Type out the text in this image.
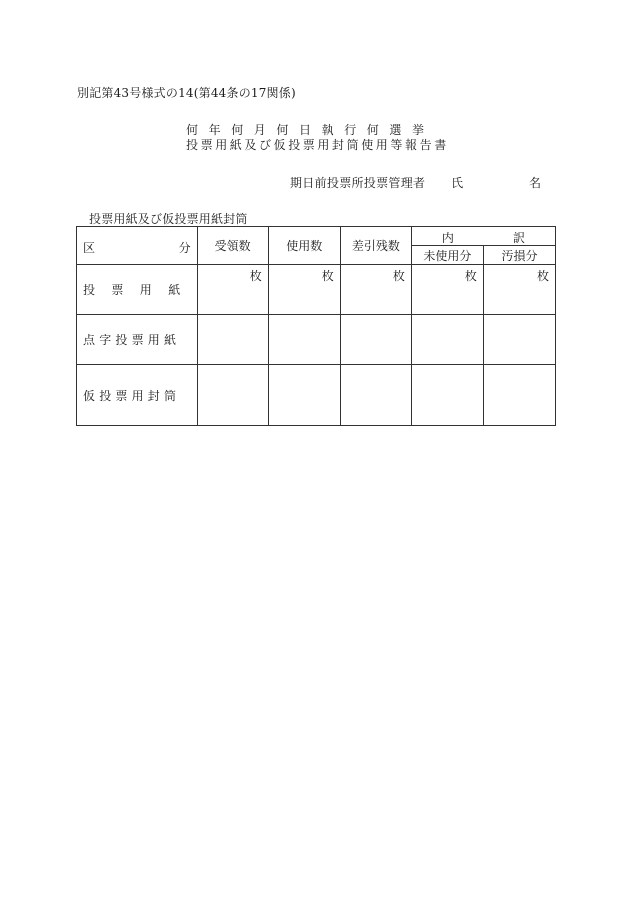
別記第43号様式の14(第44条の17関係)
何年何月何日執行何選挙
投票用紙及び仮投票用封筒使用等報告書
期日前投票所投票管理者 氏	名
投票用紙及び仮投票用紙封筒
区 分	受領数	使用数	差引残数	内 訳	

				未使用分	汚損分
投票用紙	枚	枚	枚	枚	枚
点字投票用紙					
仮投票用封筒					
